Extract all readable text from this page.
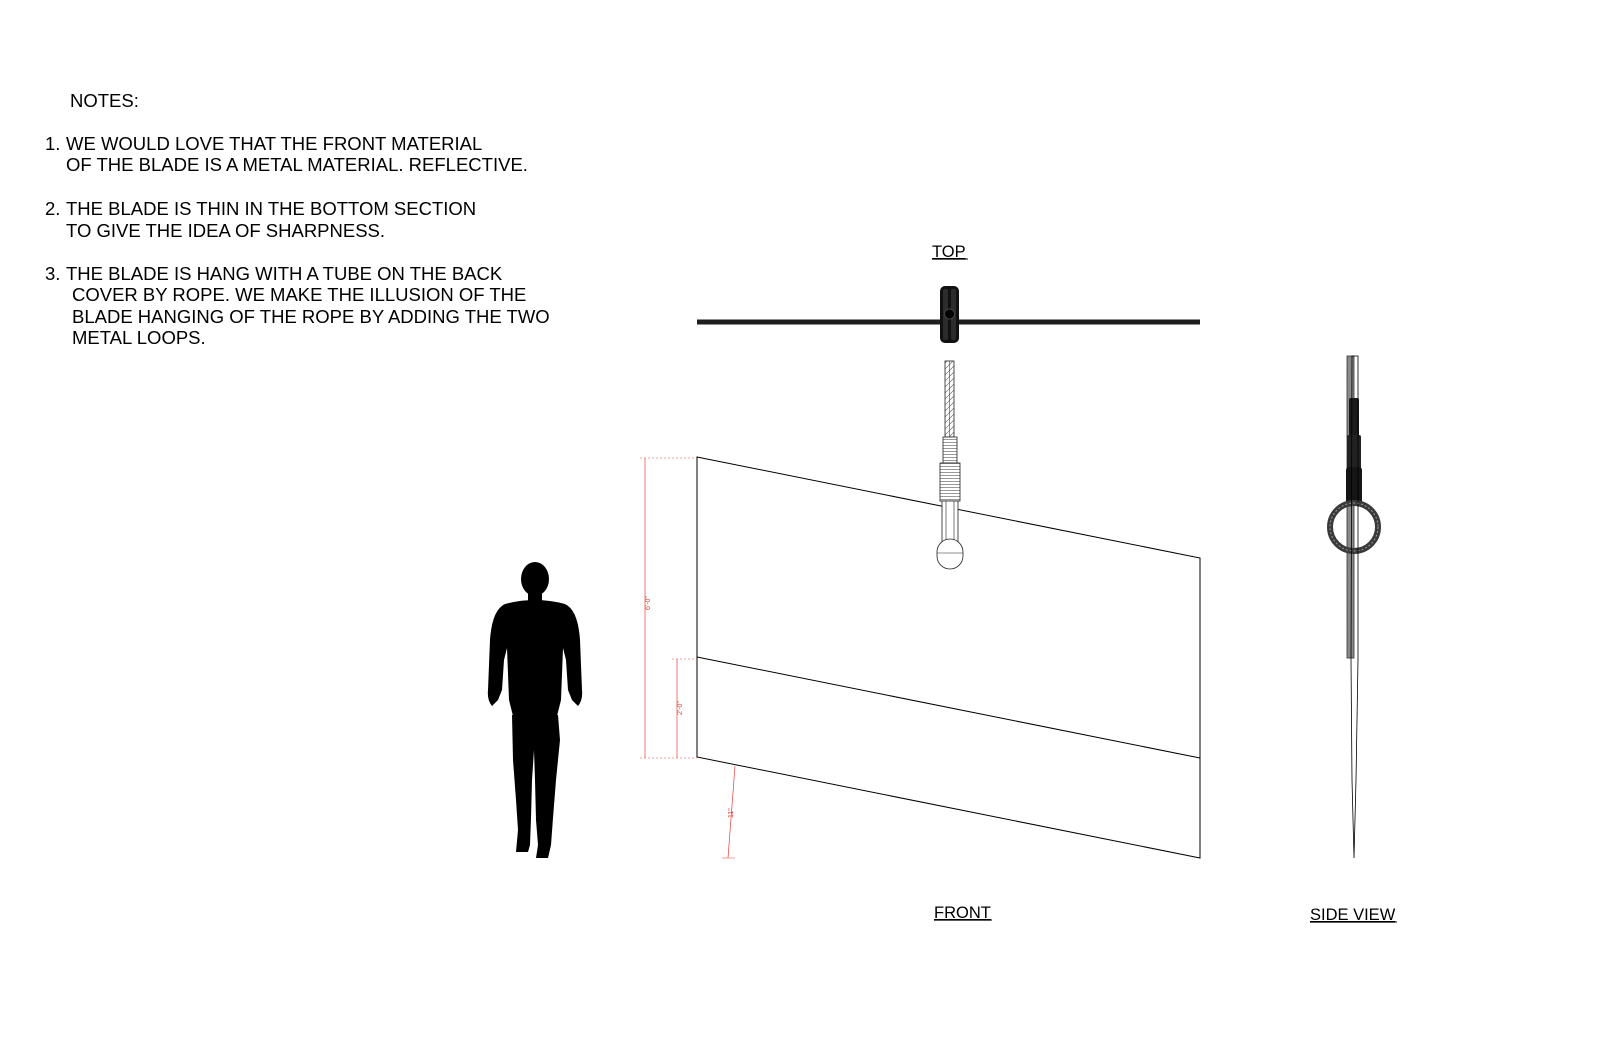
NOTES:
1. WE WOULD LOVE THAT THE FRONT MATERIAL
OF THE BLADE IS A METAL MATERIAL. REFLECTIVE.
2. THE BLADE IS THIN IN THE BOTTOM SECTION
TO GIVE THE IDEA OF SHARPNESS.
3. THE BLADE IS HANG WITH A TUBE ON THE BACK
COVER BY ROPE. WE MAKE THE ILLUSION OF THE
BLADE HANGING OF THE ROPE BY ADDING THE TWO
METAL LOOPS.
TOP
6'-0"
2'-0"
11"
FRONT	SIDE VIEW
